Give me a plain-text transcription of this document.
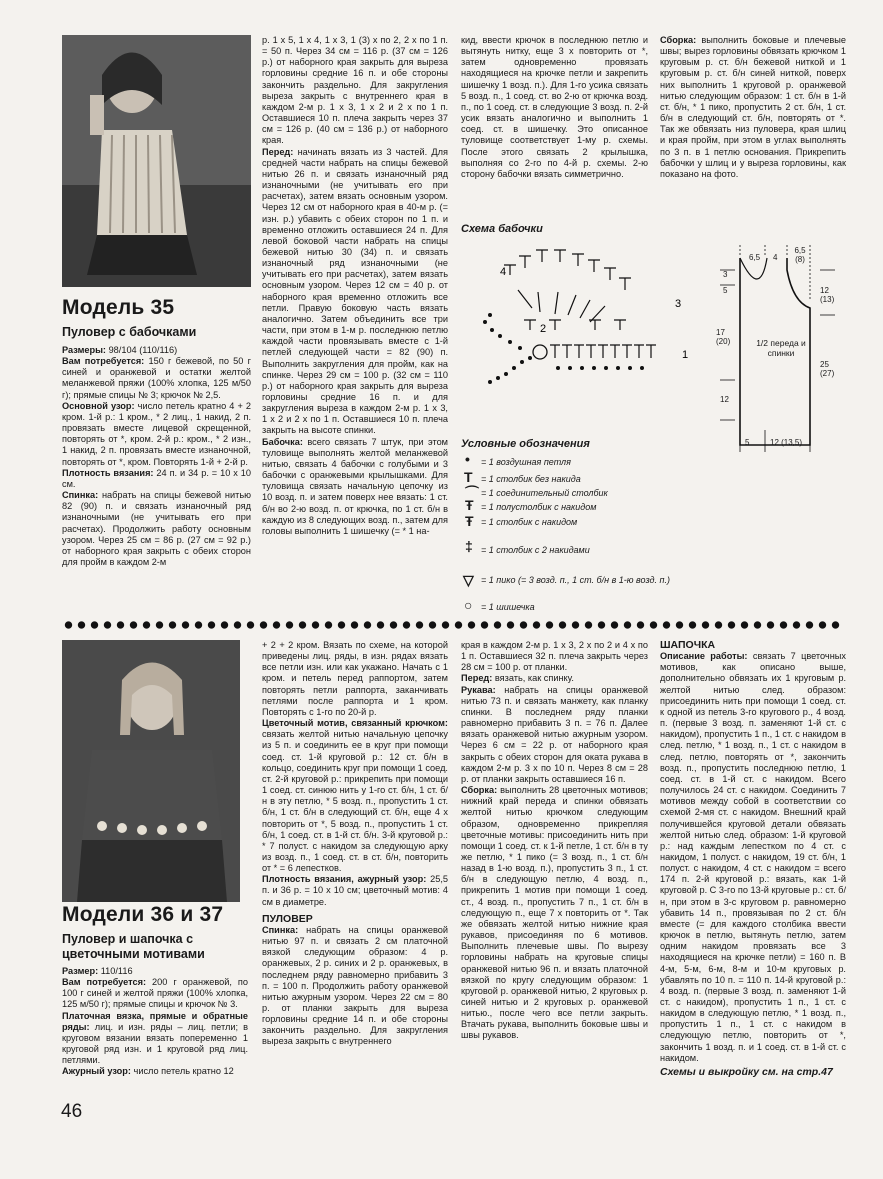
Модель 35
Пуловер с бабочками

Размеры: 98/104 (110/116)

Вам потребуется: 150 г бежевой, по 50 г синей и оранжевой и остатки желтой меланжевой пряжи (100% хлопка, 125 м/50 г); прямые спицы № 3; крючок № 2,5.

Основной узор: число петель кратно 4 + 2 кром. 1-й р.: 1 кром., * 2 лиц., 1 накид, 2 п. провязать вместе лицевой скрещенной, повторять от *, кром. 2-й р.: кром., * 2 изн., 1 накид, 2 п. провязать вместе изнаночной, повторять от *, кром. Повторять 1-й + 2-й р.

Плотность вязания: 24 п. и 34 р. = 10 х 10 см.

Спинка: набрать на спицы бежевой нитью 82 (90) п. и связать изнаночный ряд изнаночными (не учитывать его при расчетах). Продолжить работу основным узором. Через 25 см = 86 р. (27 см = 92 р.) от наборного края закрыть с обеих сторон для пройм в каждом 2-м

р. 1 х 5, 1 х 4, 1 х 3, 1 (3) х по 2, 2 х по 1 п. = 50 п. Через 34 см = 116 р. (37 см = 126 р.) от наборного края закрыть для выреза горловины средние 16 п. и обе стороны закончить раздельно. Для закругления выреза закрыть с внутреннего края в каждом 2-м р. 1 х 3, 1 х 2 и 2 х по 1 п. Оставшиеся 10 п. плеча закрыть через 37 см = 126 р. (40 см = 136 р.) от наборного края.

Перед: начинать вязать из 3 частей. Для средней части набрать на спицы бежевой нитью 26 п. и связать изнаночный ряд изнаночными (не учитывать его при расчетах), затем вязать основным узором. Через 12 см от наборного края в 40-м р. (= изн. р.) убавить с обеих сторон по 1 п. и временно отложить оставшиеся 24 п. Для левой боковой части набрать на спицы бежевой нитью 30 (34) п. и связать изнаночный ряд изнаночными (не учитывать его при расчетах), затем вязать основным узором. Через 12 см = 40 р. от наборного края временно отложить все петли. Правую боковую часть вязать аналогично. Затем объединить все три части, при этом в 1-м р. последнюю петлю каждой части провязывать вместе с 1-й петлей следующей части = 82 (90) п. Выполнить закругления для пройм, как на спинке. Через 29 см = 100 р. (32 см = 110 р.) от наборного края закрыть для выреза горловины средние 16 п. и для закругления выреза в каждом 2-м р. 1 х 3, 1 х 2 и 2 х по 1 п. Оставшиеся 10 п. плеча закрыть на высоте спинки.

Бабочка: всего связать 7 штук, при этом туловище выполнять желтой меланжевой нитью, связать 4 бабочки с голубыми и 3 бабочки с оранжевыми крылышками. Для туловища связать начальную цепочку из 10 возд. п. и затем поверх нее вязать: 1 ст. б/н во 2-ю возд. п. от крючка, по 1 ст. б/н в каждую из 8 следующих возд. п., затем для головы выполнить 1 шишечку (= * 1 на-

кид, ввести крючок в последнюю петлю и вытянуть нитку, еще 3 х повторить от *, затем одновременно провязать находящиеся на крючке петли и закрепить шишечку 1 возд. п.). Для 1-го усика связать 5 возд. п., 1 соед. ст. во 2-ю от крючка возд. п., по 1 соед. ст. в следующие 3 возд. п. 2-й усик вязать аналогично и выполнить 1 соед. ст. в шишечку. Это описанное туловище соответствует 1-му р. схемы. После этого связать 2 крылышка, выполняя со 2-го по 4-й р. схемы. 2-ю сторону бабочки вязать симметрично.

Сборка: выполнить боковые и плечевые швы; вырез горловины обвязать крючком 1 круговым р. ст. б/н бежевой ниткой и 1 круговым р. ст. б/н синей ниткой, поверх них выполнить 1 круговой р. оранжевой нитью следующим образом: 1 ст. б/н в 1-й ст. б/н, * 1 пико, пропустить 2 ст. б/н, 1 ст. б/н в следующий ст. б/н, повторять от *. Так же обвязать низ пуловера, края шлиц и края пройм, при этом в углах выполнять по 3 п. в 1 петлю основания. Прикрепить бабочки у шлиц и у выреза горловины, как показано на фото.

Схема бабочки
4
3
2
1
Условные обозначения
• = 1 воздушная петля
T = 1 столбик без накида
⌒ = 1 соединительный столбик
Ŧ = 1 полустолбик с накидом
Ŧ = 1 столбик с накидом
‡ = 1 столбик с 2 накидами
▽ = 1 пико (= 3 возд. п., 1 ст. б/н в 1-ю возд. п.)
○ = 1 шишечка
6,5 4
6,5 (8)
3
5
17 (20)
12
12 (13)
25 (27)
1/2 переда и спинки
5	12 (13,5)
Модели 36 и 37
Пуловер и шапочка с цветочными мотивами

Размер: 110/116

Вам потребуется: 200 г оранжевой, по 100 г синей и желтой пряжи (100% хлопка, 125 м/50 г); прямые спицы и крючок № 3.

Платочная вязка, прямые и обратные ряды: лиц. и изн. ряды – лиц. петли; в круговом вязании вязать попеременно 1 круговой ряд изн. и 1 круговой ряд лиц. петлями.

Ажурный узор: число петель кратно 12

+ 2 + 2 кром. Вязать по схеме, на которой приведены лиц. ряды, в изн. рядах вязать все петли изн. или как укажано. Начать с 1 кром. и петель перед раппортом, затем повторять петли раппорта, заканчивать петлями после раппорта и 1 кром. Повторять с 1-го по 20-й р.

Цветочный мотив, связанный крючком: связать желтой нитью начальную цепочку из 5 п. и соединить ее в круг при помощи соед. ст. 1-й круговой р.: 12 ст. б/н в кольцо, соединить круг при помощи 1 соед. ст. 2-й круговой р.: прикрепить при помощи 1 соед. ст. синюю нить у 1-го ст. б/н, 1 ст. б/н в эту петлю, * 5 возд. п., пропустить 1 ст. б/н, 1 ст. б/н в следующий ст. б/н, еще 4 х повторить от *, 5 возд. п., пропустить 1 ст. б/н, 1 соед. ст. в 1-й ст. б/н. 3-й круговой р.: * 7 полуст. с накидом за следующую арку из возд. п., 1 соед. ст. в ст. б/н, повторить от * = 6 лепестков.

Плотность вязания, ажурный узор: 25,5 п. и 36 р. = 10 х 10 см; цветочный мотив: 4 см в диаметре.

ПУЛОВЕР

Спинка: набрать на спицы оранжевой нитью 97 п. и связать 2 см платочной вязкой следующим образом: 4 р. оранжевых, 2 р. синих и 2 р. оранжевых, в последнем ряду равномерно прибавить 3 п. = 100 п. Продолжить работу оранжевой нитью ажурным узором. Через 22 см = 80 р. от планки закрыть для выреза горловины средние 14 п. и обе стороны закончить раздельно. Для закругления выреза закрыть с внутреннего

края в каждом 2-м р. 1 х 3, 2 х по 2 и 4 х по 1 п. Оставшиеся 32 п. плеча закрыть через 28 см = 100 р. от планки.

Перед: вязать, как спинку.

Рукава: набрать на спицы оранжевой нитью 73 п. и связать манжету, как планку спинки. В последнем ряду планки равномерно прибавить 3 п. = 76 п. Далее вязать оранжевой нитью ажурным узором. Через 6 см = 22 р. от наборного края закрыть с обеих сторон для оката рукава в каждом 2-м р. 3 х по 10 п. Через 8 см = 28 р. от планки закрыть оставшиеся 16 п.

Сборка: выполнить 28 цветочных мотивов; нижний край переда и спинки обвязать желтой нитью крючком следующим образом, одновременно прикрепляя цветочные мотивы: присоединить нить при помощи 1 соед. ст. к 1-й петле, 1 ст. б/н в ту же петлю, * 1 пико (= 3 возд. п., 1 ст. б/н назад в 1-ю возд. п.), пропустить 3 п., 1 ст. б/н в следующую петлю, 4 возд. п., прикрепить 1 мотив при помощи 1 соед. ст., 4 возд. п., пропустить 7 п., 1 ст. б/н в следующую п., еще 7 х повторить от *. Так же обвязать желтой нитью нижние края рукавов, присоединяя по 6 мотивов. Выполнить плечевые швы. По вырезу горловины набрать на круговые спицы оранжевой нитью 96 п. и вязать платочной вязкой по кругу следующим образом: 1 круговой р. оранжевой нитью, 2 круговых р. синей нитью и 2 круговых р. оранжевой нитью., после чего все петли закрыть. Втачать рукава, выполнить боковые швы и швы рукавов.

ШАПОЧКА

Описание работы: связать 7 цветочных мотивов, как описано выше, дополнительно обвязать их 1 круговым р. желтой нитью след. образом: присоединить нить при помощи 1 соед. ст. к одной из петель 3-го кругового р., 4 возд. п. (первые 3 возд. п. заменяют 1-й ст. с накидом), пропустить 1 п., 1 ст. с накидом в след. петлю, * 1 возд. п., 1 ст. с накидом в след. петлю, повторять от *, закончить возд. п., пропустить последнюю петлю, 1 соед. ст. в 1-й ст. с накидом. Всего получилось 24 ст. с накидом. Соединить 7 мотивов между собой в соответствии со схемой 2-мя ст. с накидом. Внешний край получившейся круговой детали обвязать желтой нитью след. образом: 1-й круговой р.: над каждым лепестком по 4 ст. с накидом, 1 полуст. с накидом, 19 ст. б/н, 1 полуст. с накидом, 4 ст. с накидом = всего 174 п. 2-й круговой р.: вязать, как 1-й круговой р. С 3-го по 13-й круговые р.: ст. б/н, при этом в 3-с круговом р. равномерно убавить 14 п., провязывая по 2 ст. б/н вместе (= для каждого столбика ввести крючок в петлю, вытянуть петлю, затем одним накидом провязать все 3 находящиеся на крючке петли) = 160 п. В 4-м, 5-м, 6-м, 8-м и 10-м круговых р. убавлять по 10 п. = 110 п. 14-й круговой р.: 4 возд. п. (первые 3 возд. п. заменяют 1-й ст. с накидом), пропустить 1 п., 1 ст. с накидом в следующую петлю, * 1 возд. п., пропустить 1 п., 1 ст. с накидом в следующую петлю, повторить от *, закончить 1 возд. п. и 1 соед. ст. в 1-й ст. с накидом.

Схемы и выкройку см. на стр.47

46
